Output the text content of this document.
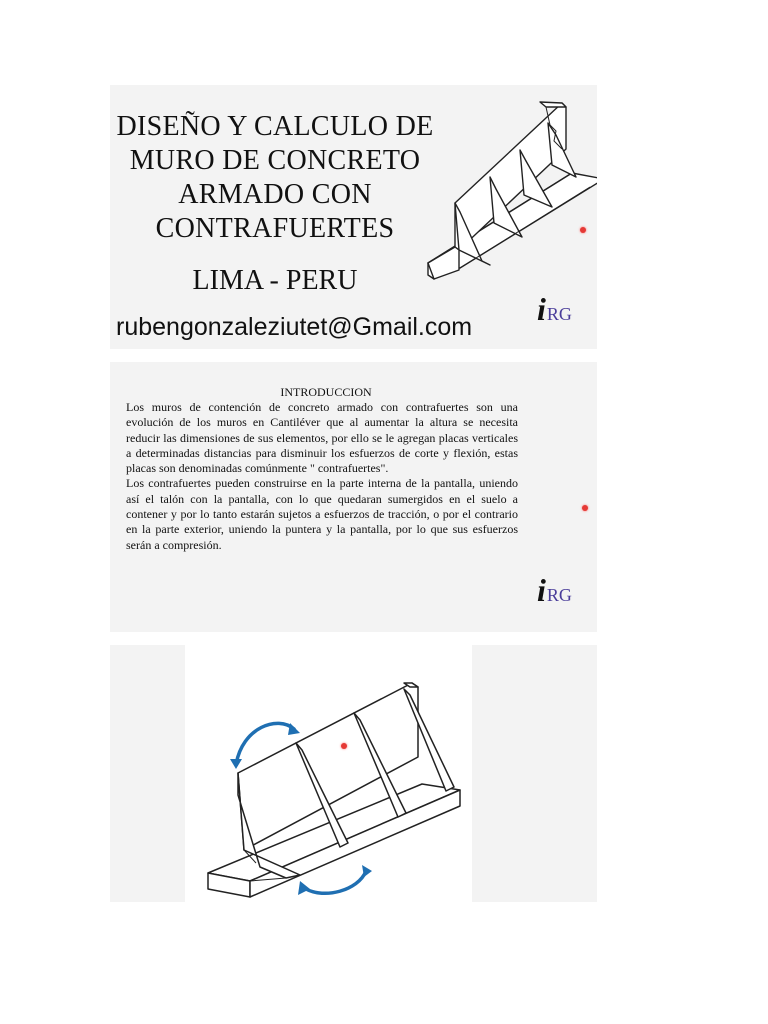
DISEÑO Y CALCULO DE
MURO DE CONCRETO
ARMADO CON
CONTRAFUERTES
LIMA - PERU
rubengonzaleziutet@Gmail.com iRG
INTRODUCCION

Los muros de contención de concreto armado con contrafuertes son una evolución de los muros en Cantiléver que al aumentar la altura se necesita reducir las dimensiones de sus elementos, por ello se le agregan placas verticales a determinadas distancias para disminuir los esfuerzos de corte y flexión, estas placas son denominadas comúnmente " contrafuertes".

Los contrafuertes pueden construirse en la parte interna de la pantalla, uniendo así el talón con la pantalla, con lo que quedaran sumergidos en el suelo a contener y por lo tanto estarán sujetos a esfuerzos de tracción, o por el contrario en la parte exterior, uniendo la puntera y la pantalla, por lo que sus esfuerzos serán a compresión.

iRG
